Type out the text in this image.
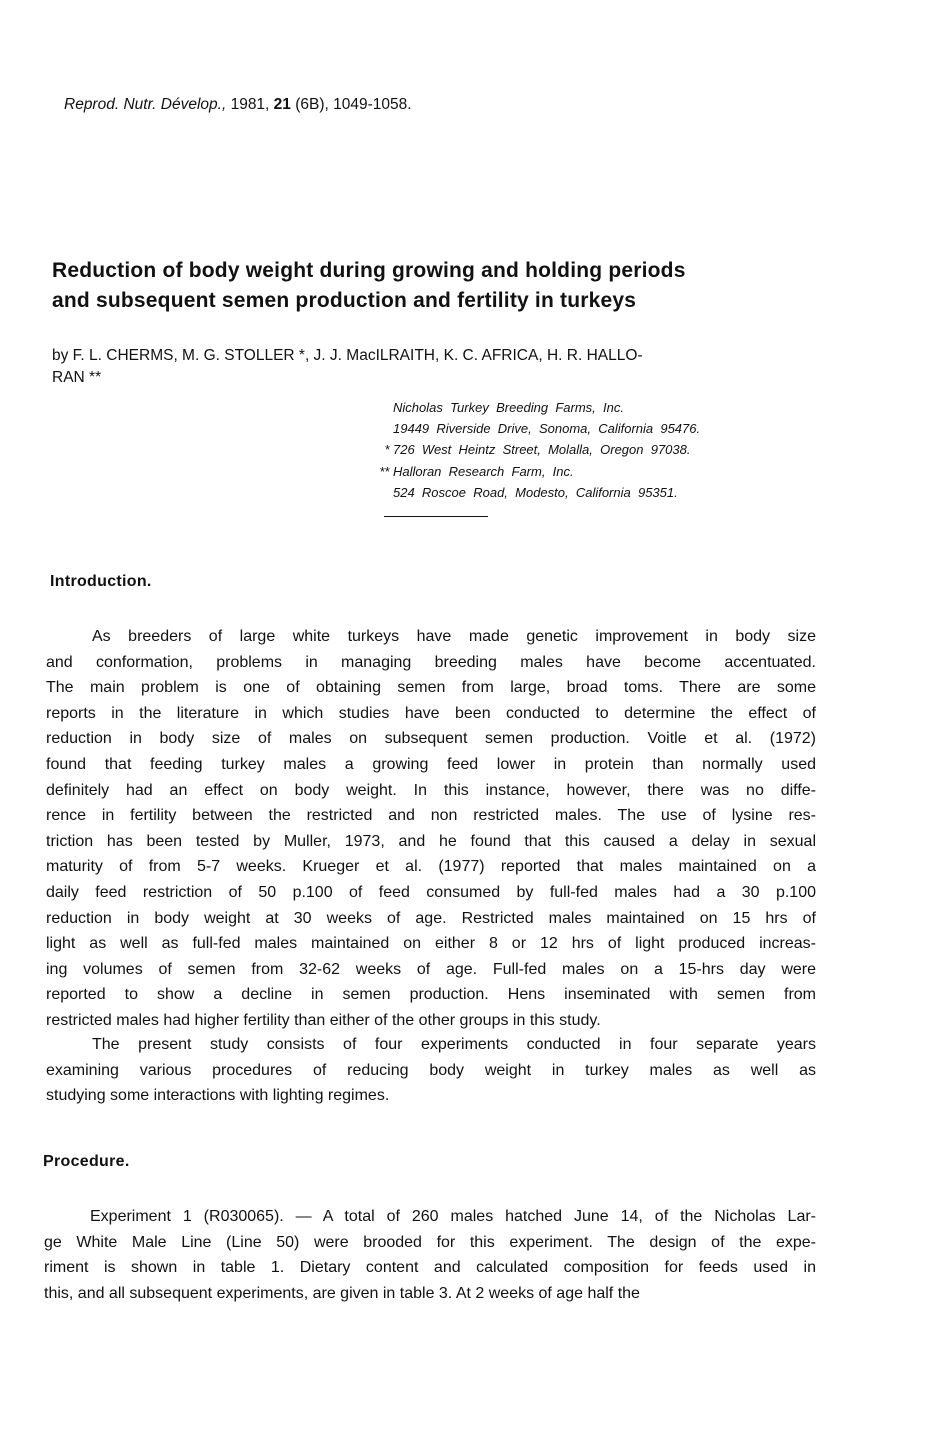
Reprod. Nutr. Dévelop., 1981, 21 (6B), 1049-1058.
Reduction of body weight during growing and holding periods
and subsequent semen production and fertility in turkeys
by F. L. CHERMS, M. G. STOLLER *, J. J. MacILRAITH, K. C. AFRICA, H. R. HALLO-
RAN **
Nicholas  Turkey  Breeding  Farms,  Inc.
19449  Riverside  Drive,  Sonoma,  California  95476.
* 726  West  Heintz  Street,  Molalla,  Oregon  97038.
** Halloran  Research  Farm,  Inc.
524  Roscoe  Road,  Modesto,  California  95351.
Introduction.
As breeders of large white turkeys have made genetic improvement in body size
and conformation, problems in managing breeding males have become accentuated.
The main problem is one of obtaining semen from large, broad toms. There are some
reports in the literature in which studies have been conducted to determine the effect of
reduction in body size of males on subsequent semen production. Voitle et al. (1972)
found that feeding turkey males a growing feed lower in protein than normally used
definitely had an effect on body weight. In this instance, however, there was no diffe-
rence in fertility between the restricted and non restricted males. The use of lysine res-
triction has been tested by Muller, 1973, and he found that this caused a delay in sexual
maturity of from 5-7 weeks. Krueger et al. (1977) reported that males maintained on a
daily feed restriction of 50 p.100 of feed consumed by full-fed males had a 30 p.100
reduction in body weight at 30 weeks of age. Restricted males maintained on 15 hrs of
light as well as full-fed males maintained on either 8 or 12 hrs of light produced increas-
ing volumes of semen from 32-62 weeks of age. Full-fed males on a 15-hrs day were
reported to show a decline in semen production. Hens inseminated with semen from
restricted males had higher fertility than either of the other groups in this study.
The present study consists of four experiments conducted in four separate years
examining various procedures of reducing body weight in turkey males as well as
studying some interactions with lighting regimes.
Procedure.
Experiment 1 (R030065). — A total of 260 males hatched June 14, of the Nicholas Lar-
ge White Male Line (Line 50) were brooded for this experiment. The design of the expe-
riment is shown in table 1. Dietary content and calculated composition for feeds used in
this, and all subsequent experiments, are given in table 3. At 2 weeks of age half the
